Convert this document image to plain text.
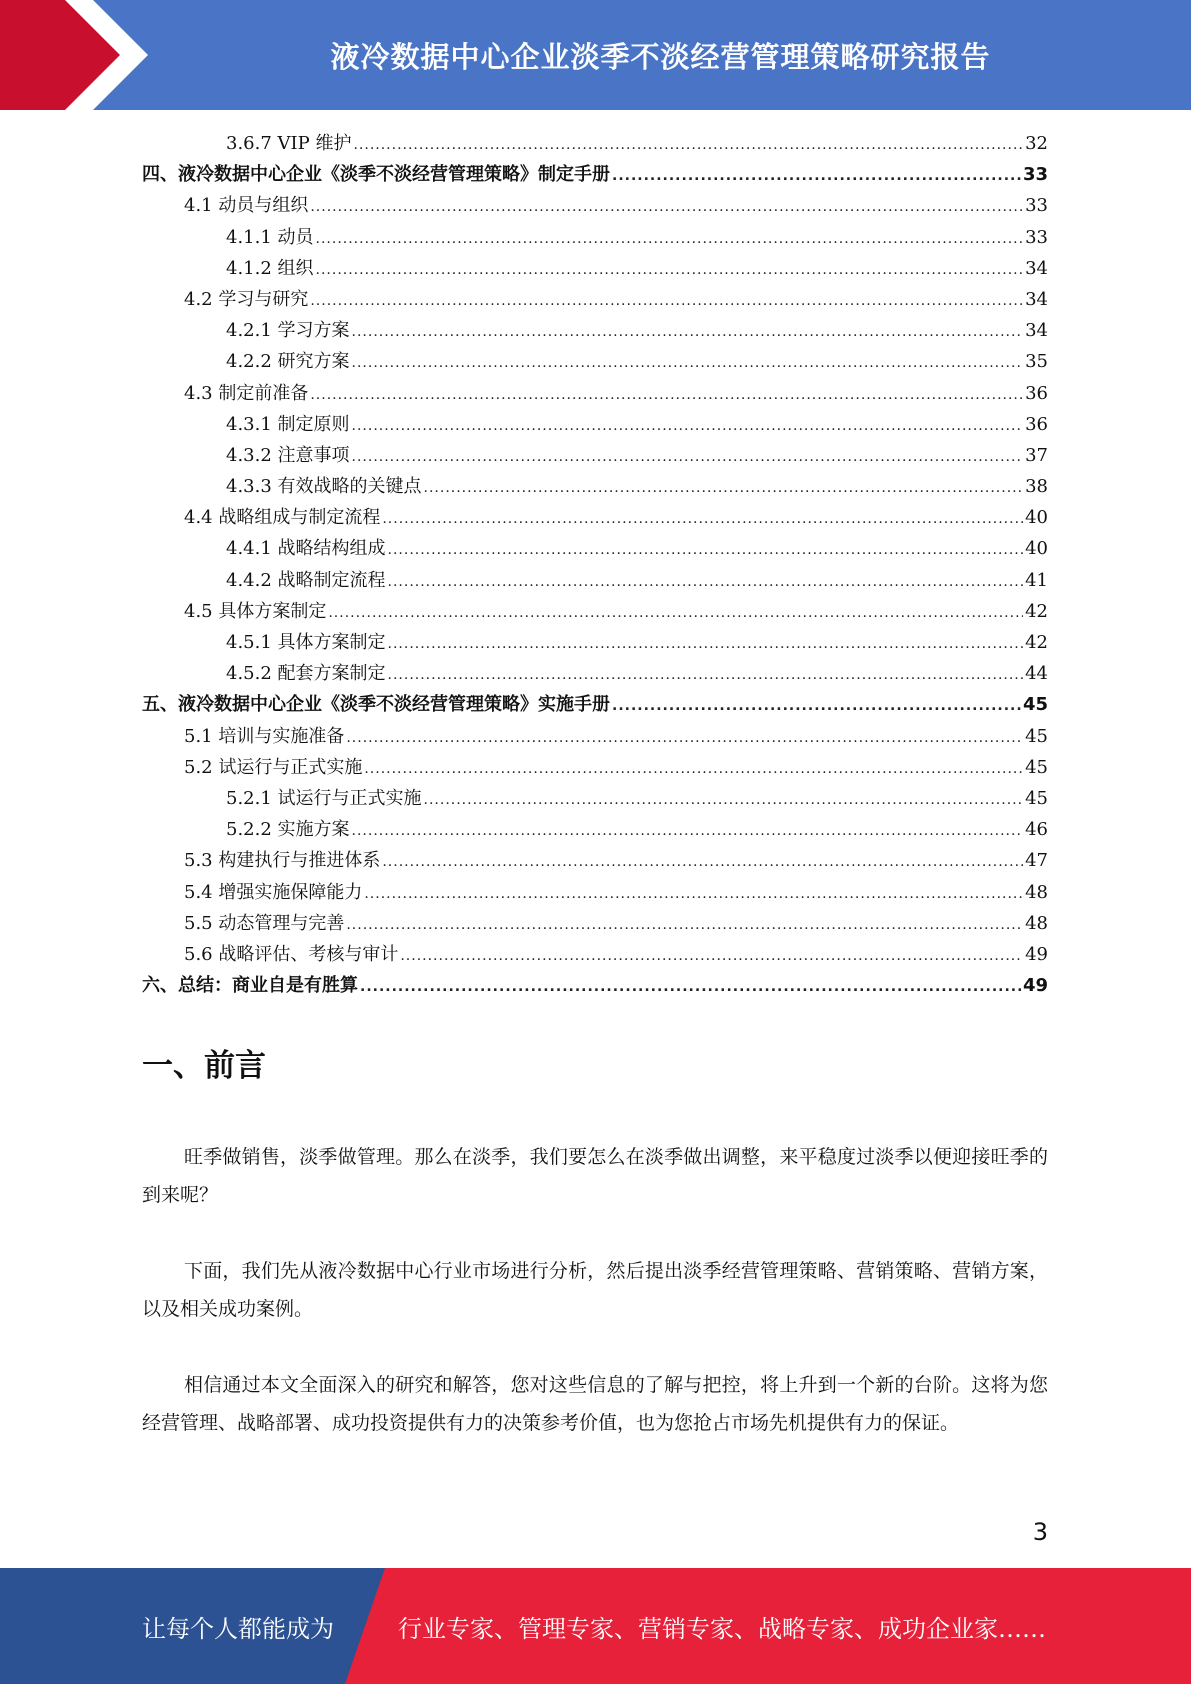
液冷数据中心企业淡季不淡经营管理策略研究报告
3.6.7 VIP 维护 .....	32
四、液冷数据中心企业《淡季不淡经营管理策略》制定手册 .....	33
4.1 动员与组织 .....	33
4.1.1 动员 .....	33
4.1.2 组织 .....	34
4.2 学习与研究 .....	34
4.2.1 学习方案 .....	34
4.2.2 研究方案 .....	35
4.3 制定前准备 .....	36
4.3.1 制定原则 .....	36
4.3.2 注意事项 .....	37
4.3.3 有效战略的关键点 .....	38
4.4 战略组成与制定流程 .....	40
4.4.1 战略结构组成 .....	40
4.4.2 战略制定流程 .....	41
4.5 具体方案制定 .....	42
4.5.1 具体方案制定 .....	42
4.5.2 配套方案制定 .....	44
五、液冷数据中心企业《淡季不淡经营管理策略》实施手册 .....	45
5.1 培训与实施准备 .....	45
5.2 试运行与正式实施 .....	45
5.2.1 试运行与正式实施 .....	45
5.2.2 实施方案 .....	46
5.3 构建执行与推进体系 .....	47
5.4 增强实施保障能力 .....	48
5.5 动态管理与完善 .....	48
5.6 战略评估、考核与审计 .....	49
六、总结：商业自是有胜算 .....	49
一、前言
旺季做销售，淡季做管理。那么在淡季，我们要怎么在淡季做出调整，来平稳度过淡季以便迎接旺季的到来呢？
下面，我们先从液冷数据中心行业市场进行分析，然后提出淡季经营管理策略、营销策略、营销方案，以及相关成功案例。
相信通过本文全面深入的研究和解答，您对这些信息的了解与把控，将上升到一个新的台阶。这将为您经营管理、战略部署、成功投资提供有力的决策参考价值，也为您抢占市场先机提供有力的保证。
3
让每个人都能成为	行业专家、管理专家、营销专家、战略专家、成功企业家……
